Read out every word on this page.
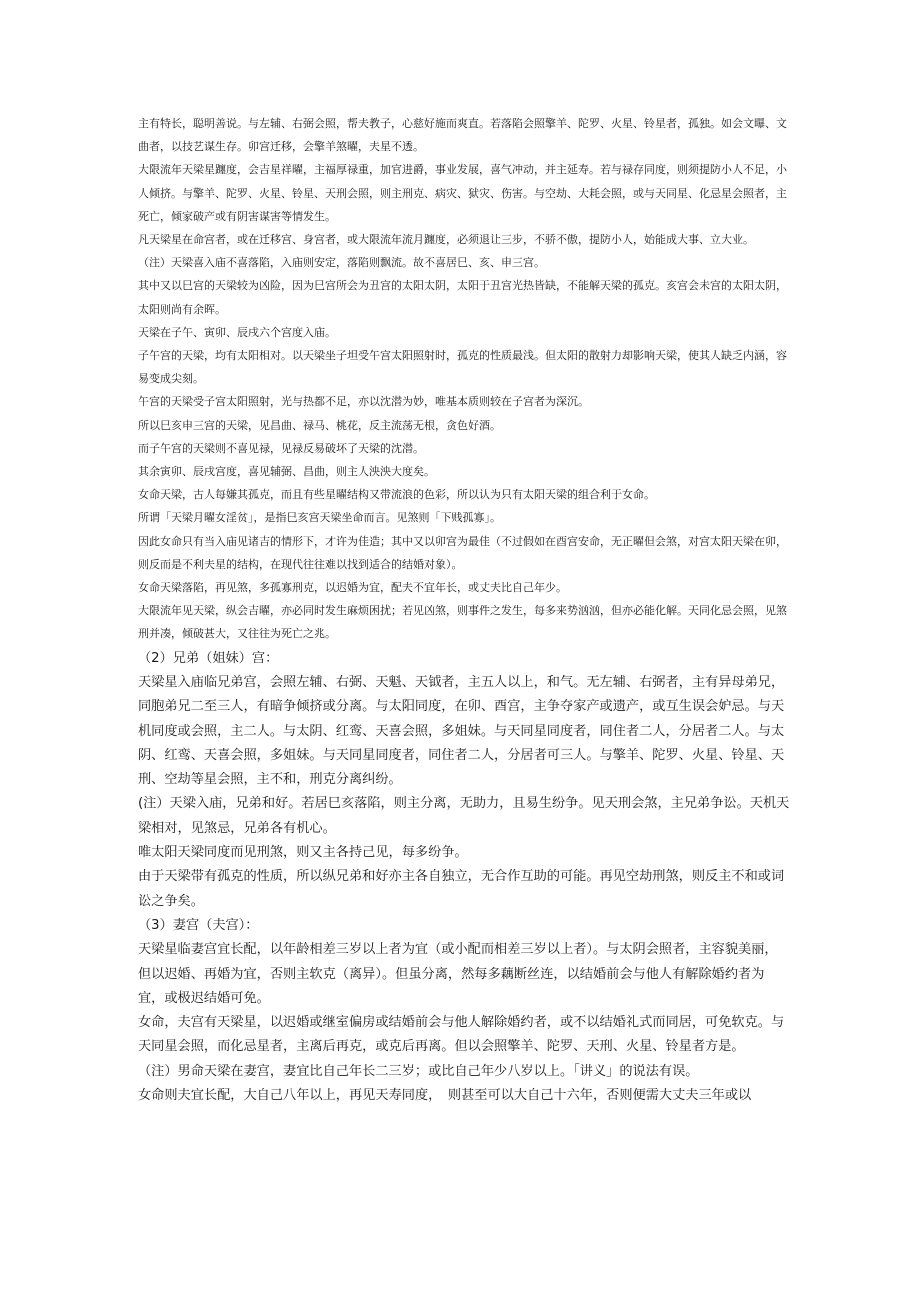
主有特长，聪明善说。与左辅、右弼会照，帮夫教子，心慈好施而爽直。若落陷会照擎羊、陀罗、火星、铃星者，孤独。如会文曝、文曲者，以技艺谋生存。卯宫迁移，会擎羊煞曜，夫星不透。

大限流年天梁星躔度，会吉星祥曜，主福厚禄重，加官进爵，事业发展，喜气冲动，并主延寿。若与禄存同度，则须提防小人不足，小人倾挤。与擎羊、陀罗、火星、铃星、天刑会照，则主刑克、病灾、狱灾、伤害。与空劫、大耗会照，或与天同星、化忌星会照者，主死亡，倾家破产或有阴害谋害等情发生。

凡天梁星在命宫者，或在迁移宫、身宫者，或大限流年流月躔度，必须退让三步，不骄不傲，提防小人，始能成大事、立大业。

（注）天梁喜入庙不喜落陷，入庙则安定，落陷则飘流。故不喜居巳、亥、申三宫。

其中又以巳宫的天梁较为凶险，因为巳宫所会为丑宫的太阳太阴，太阳于丑宫光热皆缺，不能解天梁的孤克。亥宫会未宫的太阳太阴，太阳则尚有余晖。

天梁在子午、寅卯、辰戌六个宫度入庙。

子午宫的天梁，均有太阳相对。以天梁坐子坦受午宫太阳照射时，孤克的性质最浅。但太阳的散射力却影响天梁，使其人缺乏内涵，容易变成尖刻。

午宫的天梁受子宫太阳照射，光与热都不足，亦以沈潜为妙，唯基本质则较在子宫者为深沉。

所以巳亥申三宫的天梁，见昌曲、禄马、桃花，反主流荡无根，贪色好酒。

而子午宫的天梁则不喜见禄，见禄反易破坏了天梁的沈潜。

其余寅卯、辰戌宫度，喜见辅弼、昌曲，则主人泱泱大度矣。

女命天梁，古人每嫌其孤克，而且有些星曜结构又带流浪的色彩，所以认为只有太阳天梁的组合利于女命。

所谓「天梁月曜女淫贫」，是指巳亥宫天梁坐命而言。见煞则「下贱孤寡」。

因此女命只有当入庙见诸吉的情形下，才许为佳造；其中又以卯宫为最佳（不过假如在酉宫安命，无正曜但会煞，对宫太阳天梁在卯，则反而是不利夫星的结构，在现代往往难以找到适合的结婚对象）。

女命天梁落陷，再见煞，多孤寡刑克，以迟婚为宜，配夫不宜年长，或丈夫比自己年少。

大限流年见天梁，纵会吉曜，亦必同时发生麻烦困扰；若见凶煞，则事件之发生，每多来势汹汹，但亦必能化解。天同化忌会照，见煞刑并凑，倾破甚大，又往往为死亡之兆。

（2）兄弟（姐妹）宫：

天梁星入庙临兄弟宫，会照左辅、右弼、天魁、天钺者，主五人以上，和气。无左辅、右弼者，主有异母弟兄，同胞弟兄二至三人，有暗争倾挤或分离。与太阳同度，在卯、酉宫，主争夺家产或遗产，或互生误会妒忌。与天机同度或会照，主二人。与太阴、红鸾、天喜会照，多姐妹。与天同星同度者，同住者二人，分居者二人。与太阴、红鸾、天喜会照，多姐妹。与天同星同度者，同住者二人，分居者可三人。与擎羊、陀罗、火星、铃星、天刑、空劫等星会照，主不和，刑克分离纠纷。

(注）天梁入庙，兄弟和好。若居巳亥落陷，则主分离，无助力，且易生纷争。见天刑会煞，主兄弟争讼。天机天梁相对，见煞忌，兄弟各有机心。

唯太阳天梁同度而见刑煞，则又主各持己见，每多纷争。

由于天梁带有孤克的性质，所以纵兄弟和好亦主各自独立，无合作互助的可能。再见空劫刑煞，则反主不和或词讼之争矣。

（3）妻宫（夫宫）：

天梁星临妻宫宜长配，以年龄相差三岁以上者为宜（或小配而相差三岁以上者）。与太阴会照者，主容貌美丽，但以迟婚、再婚为宜，否则主软克（离异）。但虽分离，然每多藕断丝连，以结婚前会与他人有解除婚约者为宜，或极迟结婚可免。

女命，夫宫有天梁星，以迟婚或继室偏房或结婚前会与他人解除婚约者，或不以结婚礼式而同居，可免软克。与天同星会照，而化忌星者，主离后再克，或克后再离。但以会照擎羊、陀罗、天刑、火星、铃星者方是。

（注）男命天梁在妻宫，妻宜比自己年长二三岁；或比自己年少八岁以上。「讲义」的说法有误。

女命则夫宜长配，大自己八年以上，再见天寿同度，　则甚至可以大自己十六年，否则便需大丈夫三年或以
